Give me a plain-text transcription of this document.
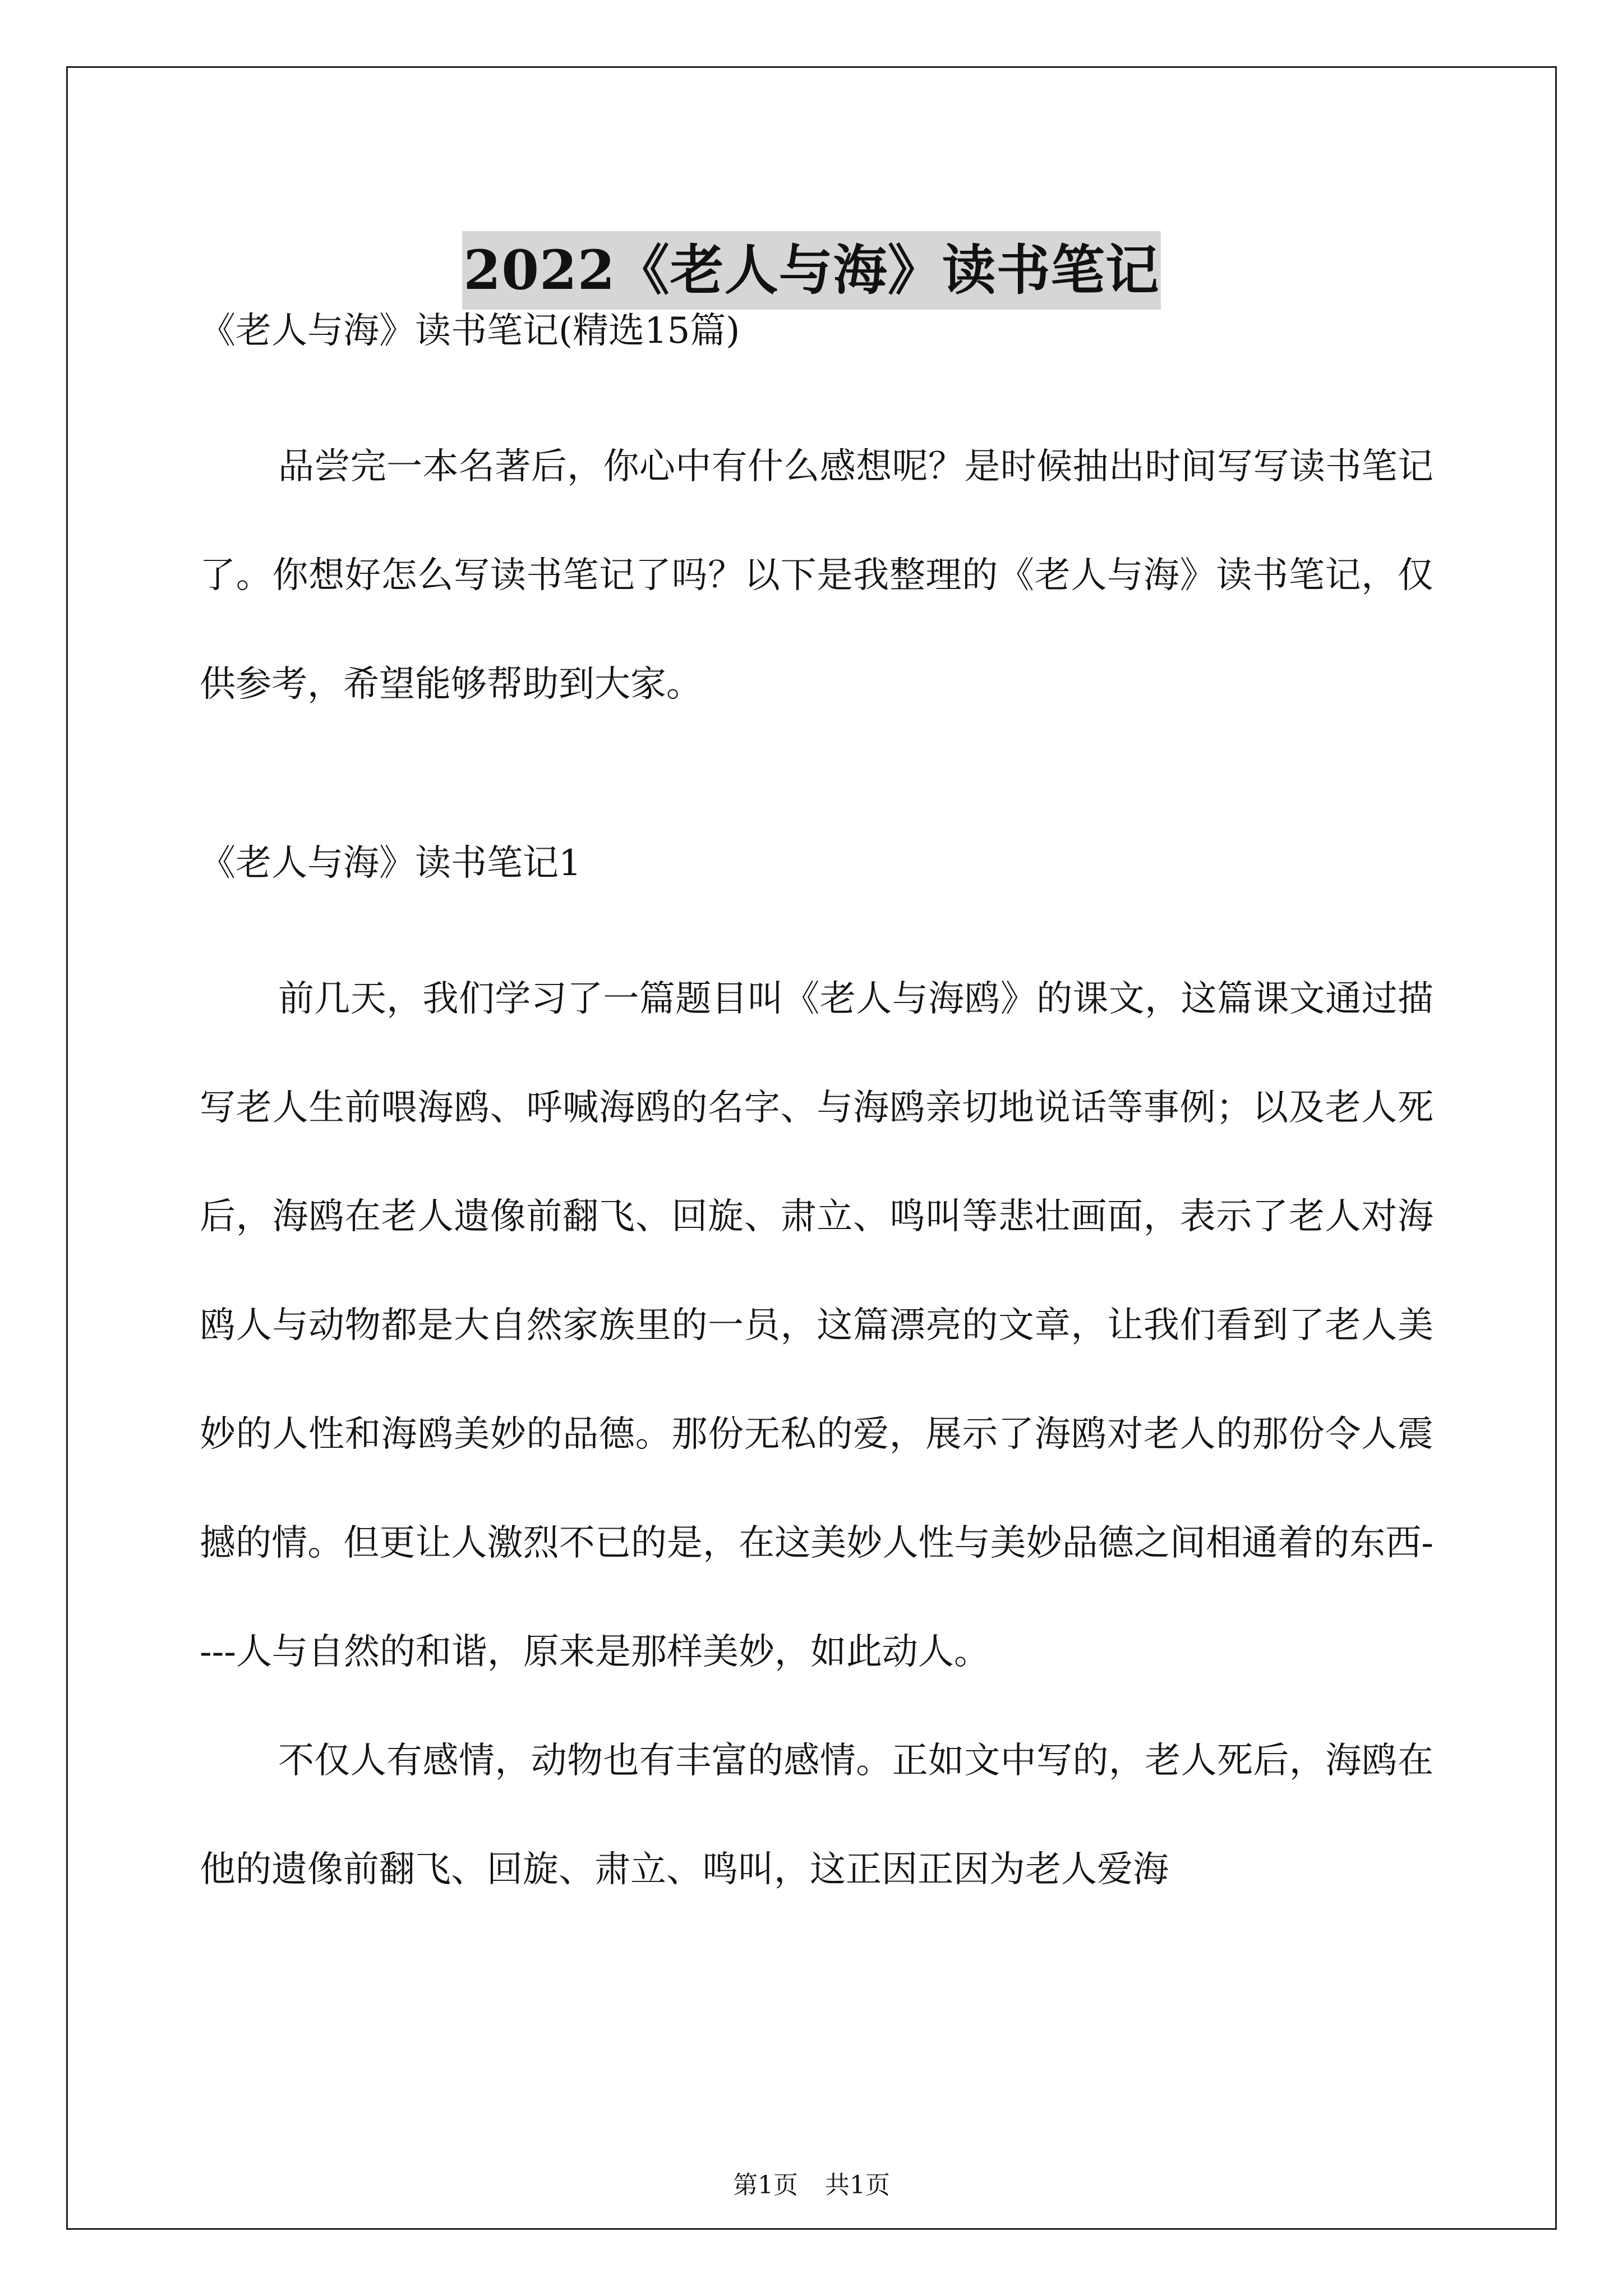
2022《老人与海》读书笔记

《老人与海》读书笔记(精选15篇)

品尝完一本名著后，你心中有什么感想呢？是时候抽出时间写写读书笔记了。你想好怎么写读书笔记了吗？以下是我整理的《老人与海》读书笔记，仅供参考，希望能够帮助到大家。

《老人与海》读书笔记1

前几天，我们学习了一篇题目叫《老人与海鸥》的课文，这篇课文通过描写老人生前喂海鸥、呼喊海鸥的名字、与海鸥亲切地说话等事例；以及老人死后，海鸥在老人遗像前翻飞、回旋、肃立、鸣叫等悲壮画面，表示了老人对海鸥人与动物都是大自然家族里的一员，这篇漂亮的文章，让我们看到了老人美妙的人性和海鸥美妙的品德。那份无私的爱，展示了海鸥对老人的那份令人震撼的情。但更让人激烈不已的是，在这美妙人性与美妙品德之间相通着的东西----人与自然的和谐，原来是那样美妙，如此动人。

不仅人有感情，动物也有丰富的感情。正如文中写的，老人死后，海鸥在他的遗像前翻飞、回旋、肃立、鸣叫，这正因正因为老人爱海

第1页 共1页
